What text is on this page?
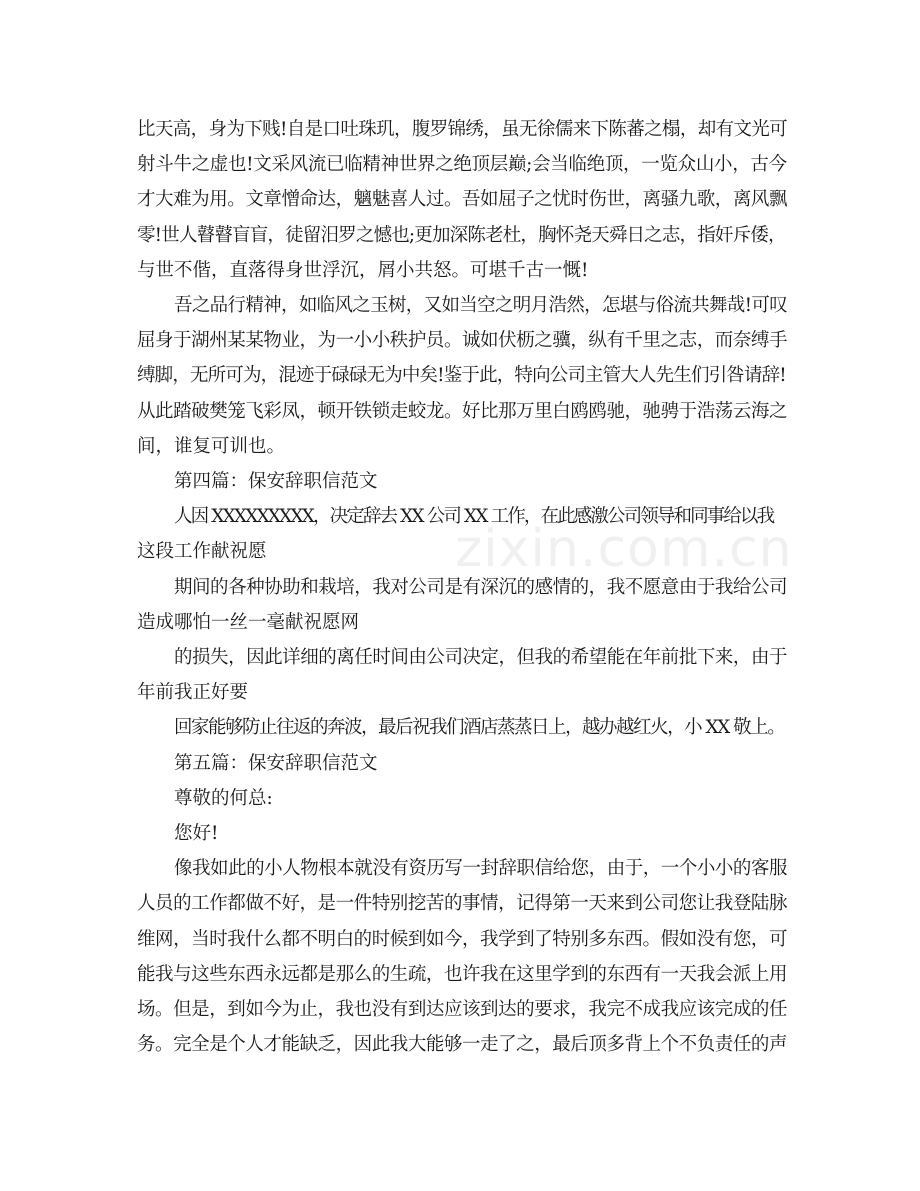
比天高，身为下贱!自是口吐珠玑，腹罗锦绣，虽无徐儒来下陈蕃之榻，却有文光可
射斗牛之虚也!文采风流已临精神世界之绝顶层巅;会当临绝顶，一览众山小，古今
才大难为用。文章憎命达，魑魅喜人过。吾如屈子之忧时伤世，离骚九歌，离风飘
零!世人瞽瞽盲盲，徒留汨罗之憾也;更加深陈老杜，胸怀尧天舜日之志，指奸斥倭，
与世不偕，直落得身世浮沉，屑小共怒。可堪千古一慨!
吾之品行精神，如临风之玉树，又如当空之明月浩然，怎堪与俗流共舞哉!可叹
屈身于湖州某某物业，为一小小秩护员。诚如伏枥之骥，纵有千里之志，而奈缚手
缚脚，无所可为，混迹于碌碌无为中矣!鉴于此，特向公司主管大人先生们引咎请辞!
从此踏破樊笼飞彩凤，顿开铁锁走蛟龙。好比那万里白鸥鸥驰，驰骋于浩荡云海之
间，谁复可训也。
第四篇：保安辞职信范文
人因 XXXXXXXXX，决定辞去 XX 公司 XX 工作，在此感激公司领导和同事给以我
这段工作献祝愿
期间的各种协助和栽培，我对公司是有深沉的感情的，我不愿意由于我给公司
造成哪怕一丝一毫献祝愿网
的损失，因此详细的离任时间由公司决定，但我的希望能在年前批下来，由于
年前我正好要
回家能够防止往返的奔波，最后祝我们酒店蒸蒸日上，越办越红火，小 XX 敬上。
第五篇：保安辞职信范文
尊敬的何总:
您好!
像我如此的小人物根本就没有资历写一封辞职信给您，由于，一个小小的客服
人员的工作都做不好，是一件特别挖苦的事情，记得第一天来到公司您让我登陆脉
维网，当时我什么都不明白的时候到如今，我学到了特别多东西。假如没有您，可
能我与这些东西永远都是那么的生疏，也许我在这里学到的东西有一天我会派上用
场。但是，到如今为止，我也没有到达应该到达的要求，我完不成我应该完成的任
务。完全是个人才能缺乏，因此我大能够一走了之，最后顶多背上个不负责任的声
zixin.com.cn
